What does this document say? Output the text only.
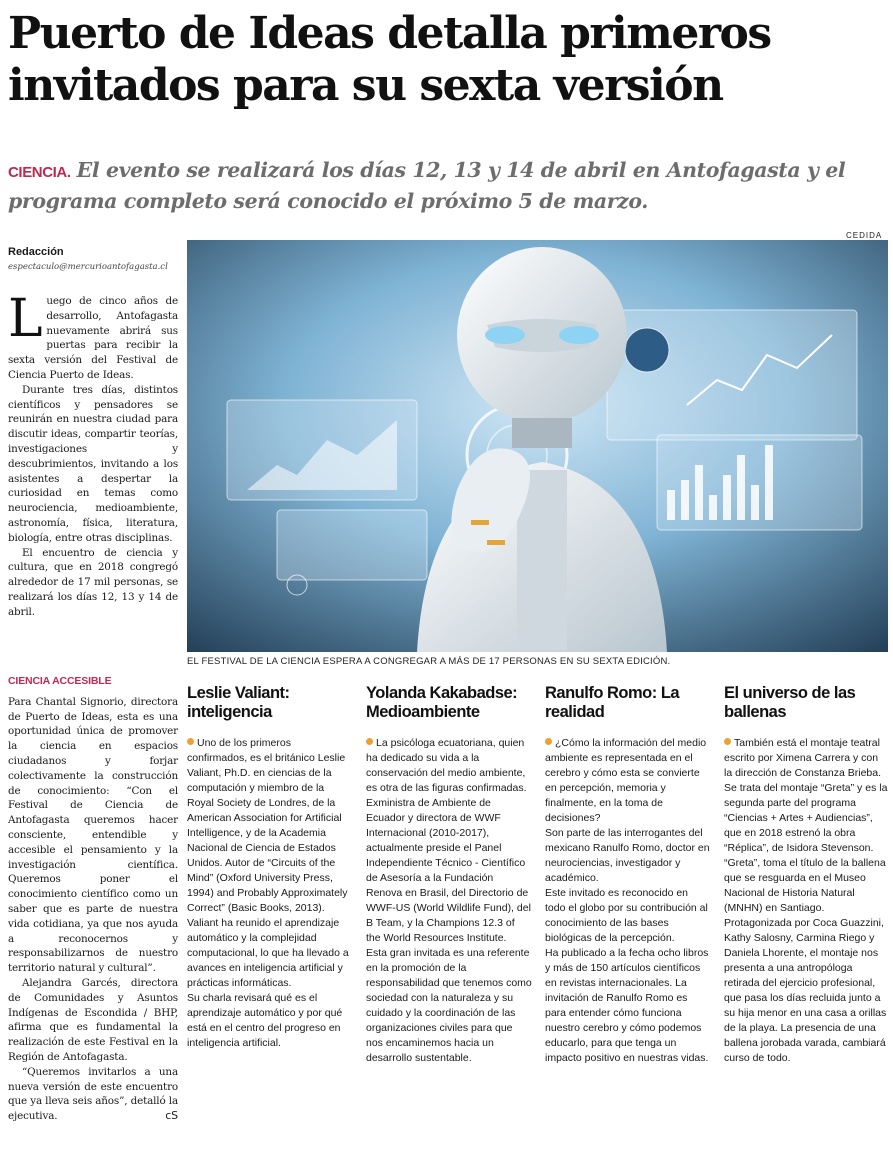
Puerto de Ideas detalla primeros invitados para su sexta versión

CIENCIA. El evento se realizará los días 12, 13 y 14 de abril en Antofagasta y el programa completo será conocido el próximo 5 de marzo.

CEDIDA
EL FESTIVAL DE LA CIENCIA ESPERA A CONGREGAR A MÁS DE 17 PERSONAS EN SU SEXTA EDICIÓN.
Redacción
espectaculo@mercurioantofagasta.cl

Luego de cinco años de desarrollo, Antofagasta nuevamente abrirá sus puertas para recibir la sexta versión del Festival de Ciencia Puerto de Ideas.

Durante tres días, distintos científicos y pensadores se reunirán en nuestra ciudad para discutir ideas, compartir teorías, investigaciones y descubrimientos, invitando a los asistentes a despertar la curiosidad en temas como neurociencia, medioambiente, astronomía, física, literatura, biología, entre otras disciplinas.

El encuentro de ciencia y cultura, que en 2018 congregó alrededor de 17 mil personas, se realizará los días 12, 13 y 14 de abril.

CIENCIA ACCESIBLE

Para Chantal Signorio, directora de Puerto de Ideas, esta es una oportunidad única de promover la ciencia en espacios ciudadanos y forjar colectivamente la construcción de conocimiento: “Con el Festival de Ciencia de Antofagasta queremos hacer consciente, entendible y accesible el pensamiento y la investigación científica. Queremos poner el conocimiento científico como un saber que es parte de nuestra vida cotidiana, ya que nos ayuda a reconocernos y responsabilizarnos de nuestro territorio natural y cultural”.

Alejandra Garcés, directora de Comunidades y Asuntos Indígenas de Escondida / BHP, afirma que es fundamental la realización de este Festival en la Región de Antofagasta.

“Queremos invitarlos a una nueva versión de este encuentro que ya lleva seis años”, detalló la ejecutiva.	cS

Leslie Valiant: inteligencia

Uno de los primeros confirmados, es el británico Leslie Valiant, Ph.D. en ciencias de la computación y miembro de la Royal Society de Londres, de la American Association for Artificial Intelligence, y de la Academia Nacional de Ciencia de Estados Unidos. Autor de “Circuits of the Mind” (Oxford University Press, 1994) and Probably Approximately Correct” (Basic Books, 2013).

Valiant ha reunido el aprendizaje automático y la complejidad computacional, lo que ha llevado a avances en inteligencia artificial y prácticas informáticas.

Su charla revisará qué es el aprendizaje automático y por qué está en el centro del progreso en inteligencia artificial.

Yolanda Kakabadse: Medioambiente

La psicóloga ecuatoriana, quien ha dedicado su vida a la conservación del medio ambiente, es otra de las figuras confirmadas. Exministra de Ambiente de Ecuador y directora de WWF Internacional (2010-2017), actualmente preside el Panel Independiente Técnico - Científico de Asesoría a la Fundación Renova en Brasil, del Directorio de WWF-US (World Wildlife Fund), del B Team, y la Champions 12.3 of the World Resources Institute.

Esta gran invitada es una referente en la promoción de la responsabilidad que tenemos como sociedad con la naturaleza y su cuidado y la coordinación de las organizaciones civiles para que nos encaminemos hacia un desarrollo sustentable.

Ranulfo Romo: La realidad

¿Cómo la información del medio ambiente es representada en el cerebro y cómo esta se convierte en percepción, memoria y finalmente, en la toma de decisiones?

Son parte de las interrogantes del mexicano Ranulfo Romo, doctor en neurociencias, investigador y académico.

Este invitado es reconocido en todo el globo por su contribución al conocimiento de las bases biológicas de la percepción.

Ha publicado a la fecha ocho libros y más de 150 artículos científicos en revistas internacionales. La invitación de Ranulfo Romo es para entender cómo funciona nuestro cerebro y cómo podemos educarlo, para que tenga un impacto positivo en nuestras vidas.

El universo de las ballenas

También está el montaje teatral escrito por Ximena Carrera y con la dirección de Constanza Brieba. Se trata del montaje “Greta” y es la segunda parte del programa “Ciencias + Artes + Audiencias”, que en 2018 estrenó la obra “Réplica”, de Isidora Stevenson. “Greta”, toma el título de la ballena que se resguarda en el Museo Nacional de Historia Natural (MNHN) en Santiago. Protagonizada por Coca Guazzini, Kathy Salosny, Carmina Riego y Daniela Lhorente, el montaje nos presenta a una antropóloga retirada del ejercicio profesional, que pasa los días recluida junto a su hija menor en una casa a orillas de la playa. La presencia de una ballena jorobada varada, cambiará curso de todo.
